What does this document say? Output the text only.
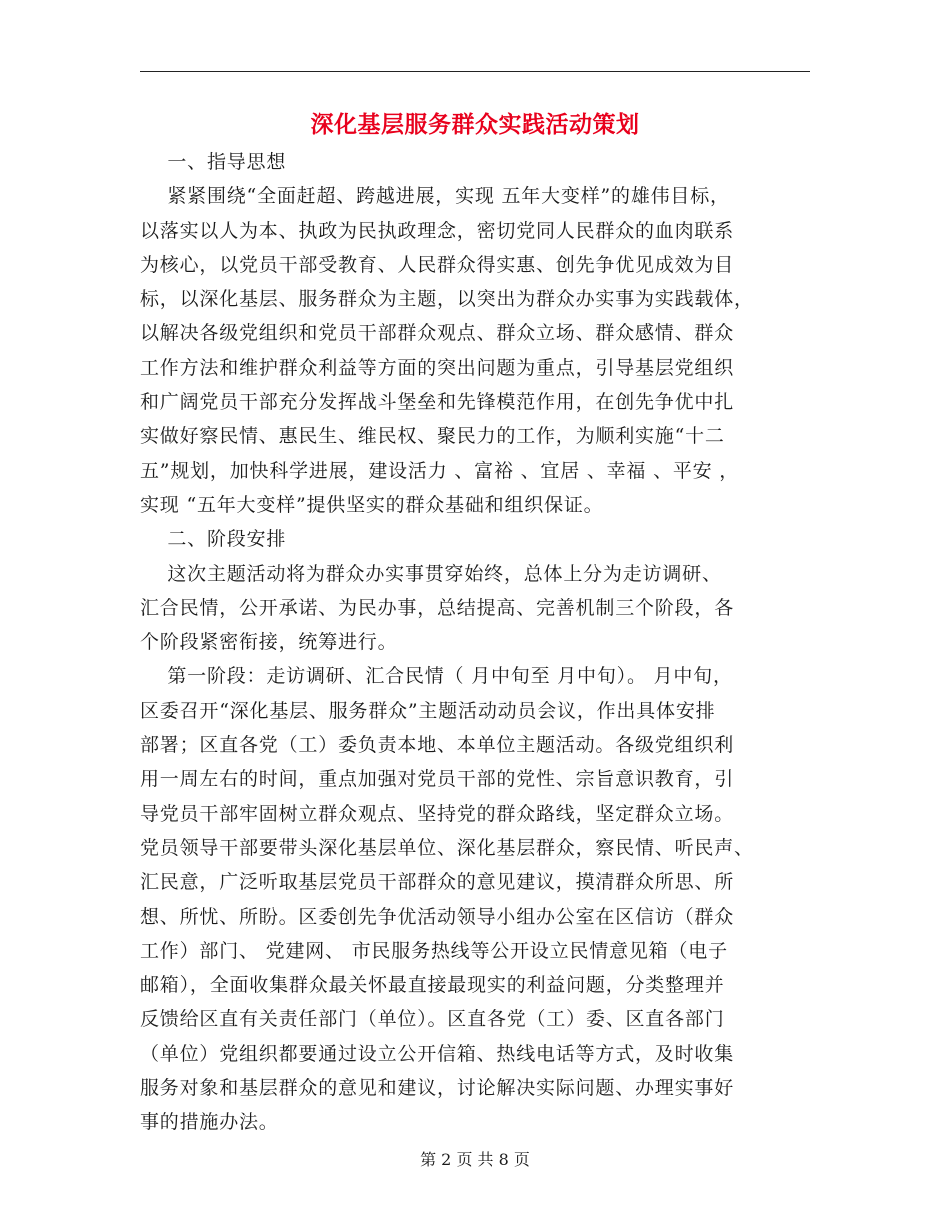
深化基层服务群众实践活动策划
一、指导思想
紧紧围绕“全面赶超、跨越进展，实现 五年大变样”的雄伟目标，
以落实以人为本、执政为民执政理念，密切党同人民群众的血肉联系
为核心，以党员干部受教育、人民群众得实惠、创先争优见成效为目
标，以深化基层、服务群众为主题，以突出为群众办实事为实践载体，
以解决各级党组织和党员干部群众观点、群众立场、群众感情、群众
工作方法和维护群众利益等方面的突出问题为重点，引导基层党组织
和广阔党员干部充分发挥战斗堡垒和先锋模范作用，在创先争优中扎
实做好察民情、惠民生、维民权、聚民力的工作，为顺利实施“十二
五”规划，加快科学进展，建设活力 、富裕 、宜居 、幸福 、平安 ，
实现 “五年大变样”提供坚实的群众基础和组织保证。
二、阶段安排
这次主题活动将为群众办实事贯穿始终，总体上分为走访调研、
汇合民情，公开承诺、为民办事，总结提高、完善机制三个阶段，各
个阶段紧密衔接，统筹进行。
第一阶段：走访调研、汇合民情（ 月中旬至 月中旬）。 月中旬，
区委召开“深化基层、服务群众”主题活动动员会议，作出具体安排
部署；区直各党（工）委负责本地、本单位主题活动。各级党组织利
用一周左右的时间，重点加强对党员干部的党性、宗旨意识教育，引
导党员干部牢固树立群众观点、坚持党的群众路线，坚定群众立场。
党员领导干部要带头深化基层单位、深化基层群众，察民情、听民声、
汇民意，广泛听取基层党员干部群众的意见建议，摸清群众所思、所
想、所忧、所盼。区委创先争优活动领导小组办公室在区信访（群众
工作）部门、 党建网、 市民服务热线等公开设立民情意见箱（电子
邮箱），全面收集群众最关怀最直接最现实的利益问题，分类整理并
反馈给区直有关责任部门（单位）。区直各党（工）委、区直各部门
（单位）党组织都要通过设立公开信箱、热线电话等方式，及时收集
服务对象和基层群众的意见和建议，讨论解决实际问题、办理实事好
事的措施办法。
第 2 页 共 8 页
